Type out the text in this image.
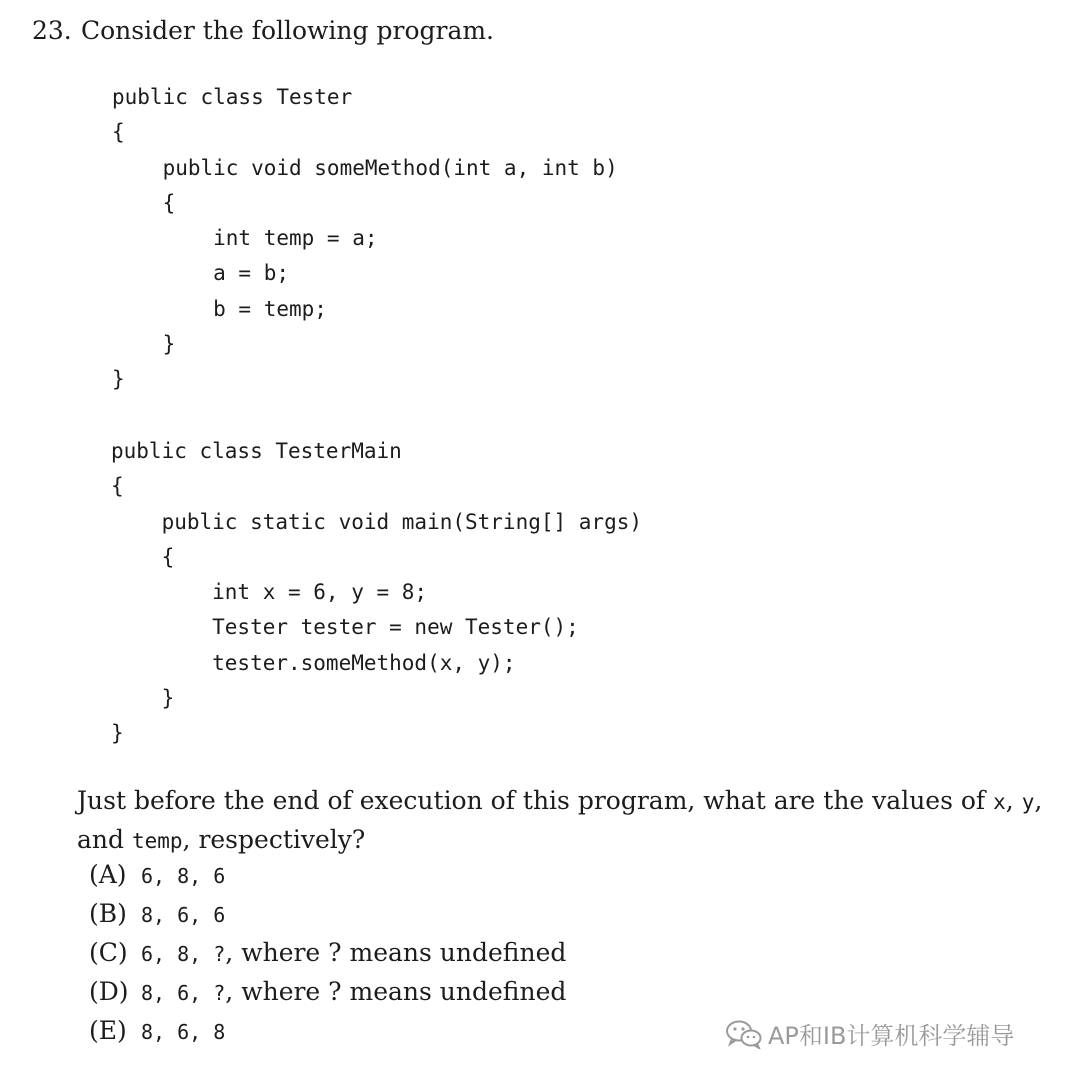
23. Consider the following program.
public class Tester
{
public void someMethod(int a, int b)
{
int temp = a;
a = b;
b = temp;
}
}
public class TesterMain
{
public static void main(String[] args)
{
int x = 6, y = 8;
Tester tester = new Tester();
tester.someMethod(x, y);
}
}
Just before the end of execution of this program, what are the values of x, y, and temp, respectively?
(A) 6, 8, 6
(B) 8, 6, 6
(C) 6, 8, ?, where ? means undefined
(D) 8, 6, ?, where ? means undefined
(E) 8, 6, 8	AP和IB计算机科学辅导
